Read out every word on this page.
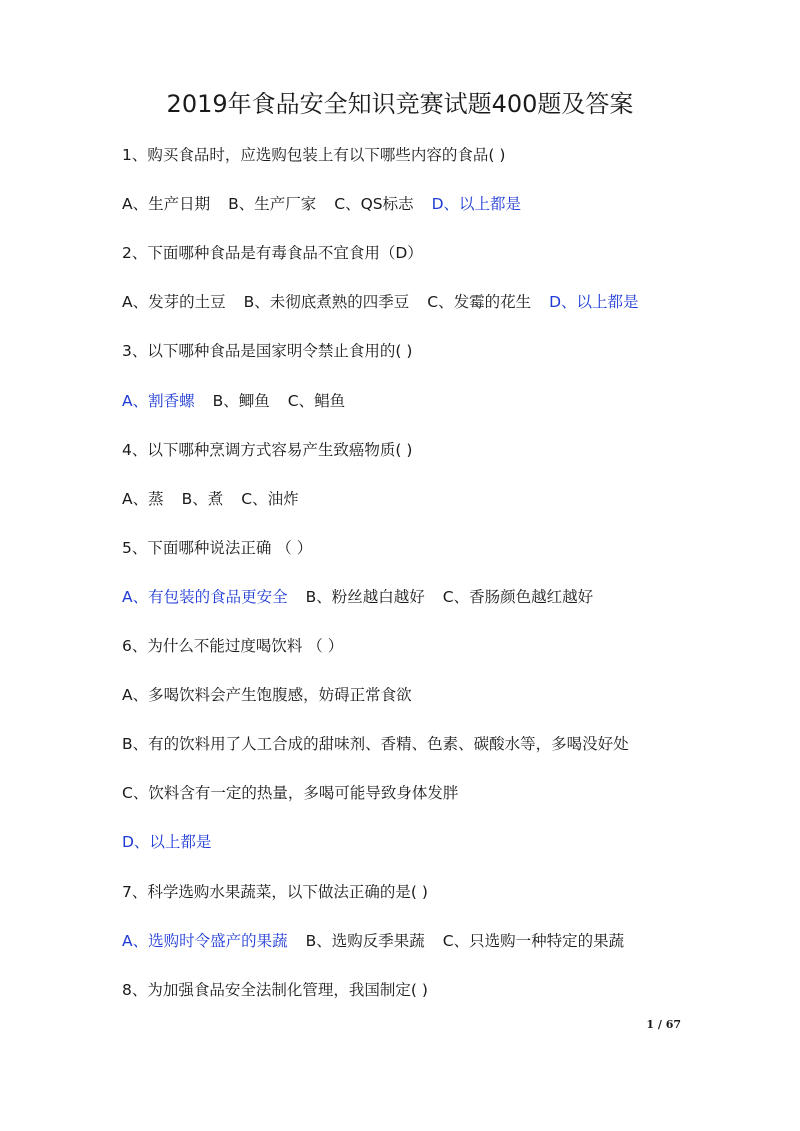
2019年食品安全知识竞赛试题400题及答案
1、购买食品时，应选购包装上有以下哪些内容的食品( )
A、生产日期 B、生产厂家 C、QS标志 D、以上都是
2、下面哪种食品是有毒食品不宜食用（D）
A、发芽的土豆 B、未彻底煮熟的四季豆 C、发霉的花生 D、以上都是
3、以下哪种食品是国家明令禁止食用的( )
A、割香螺 B、鲫鱼 C、鲳鱼
4、以下哪种烹调方式容易产生致癌物质( )
A、蒸 B、煮 C、油炸
5、下面哪种说法正确 （ ）
A、有包装的食品更安全 B、粉丝越白越好 C、香肠颜色越红越好
6、为什么不能过度喝饮料 （ ）
A、多喝饮料会产生饱腹感，妨碍正常食欲
B、有的饮料用了人工合成的甜味剂、香精、色素、碳酸水等，多喝没好处
C、饮料含有一定的热量，多喝可能导致身体发胖
D、以上都是
7、科学选购水果蔬菜，以下做法正确的是( )
A、选购时令盛产的果蔬 B、选购反季果蔬 C、只选购一种特定的果蔬
8、为加强食品安全法制化管理，我国制定( )
1 / 67
